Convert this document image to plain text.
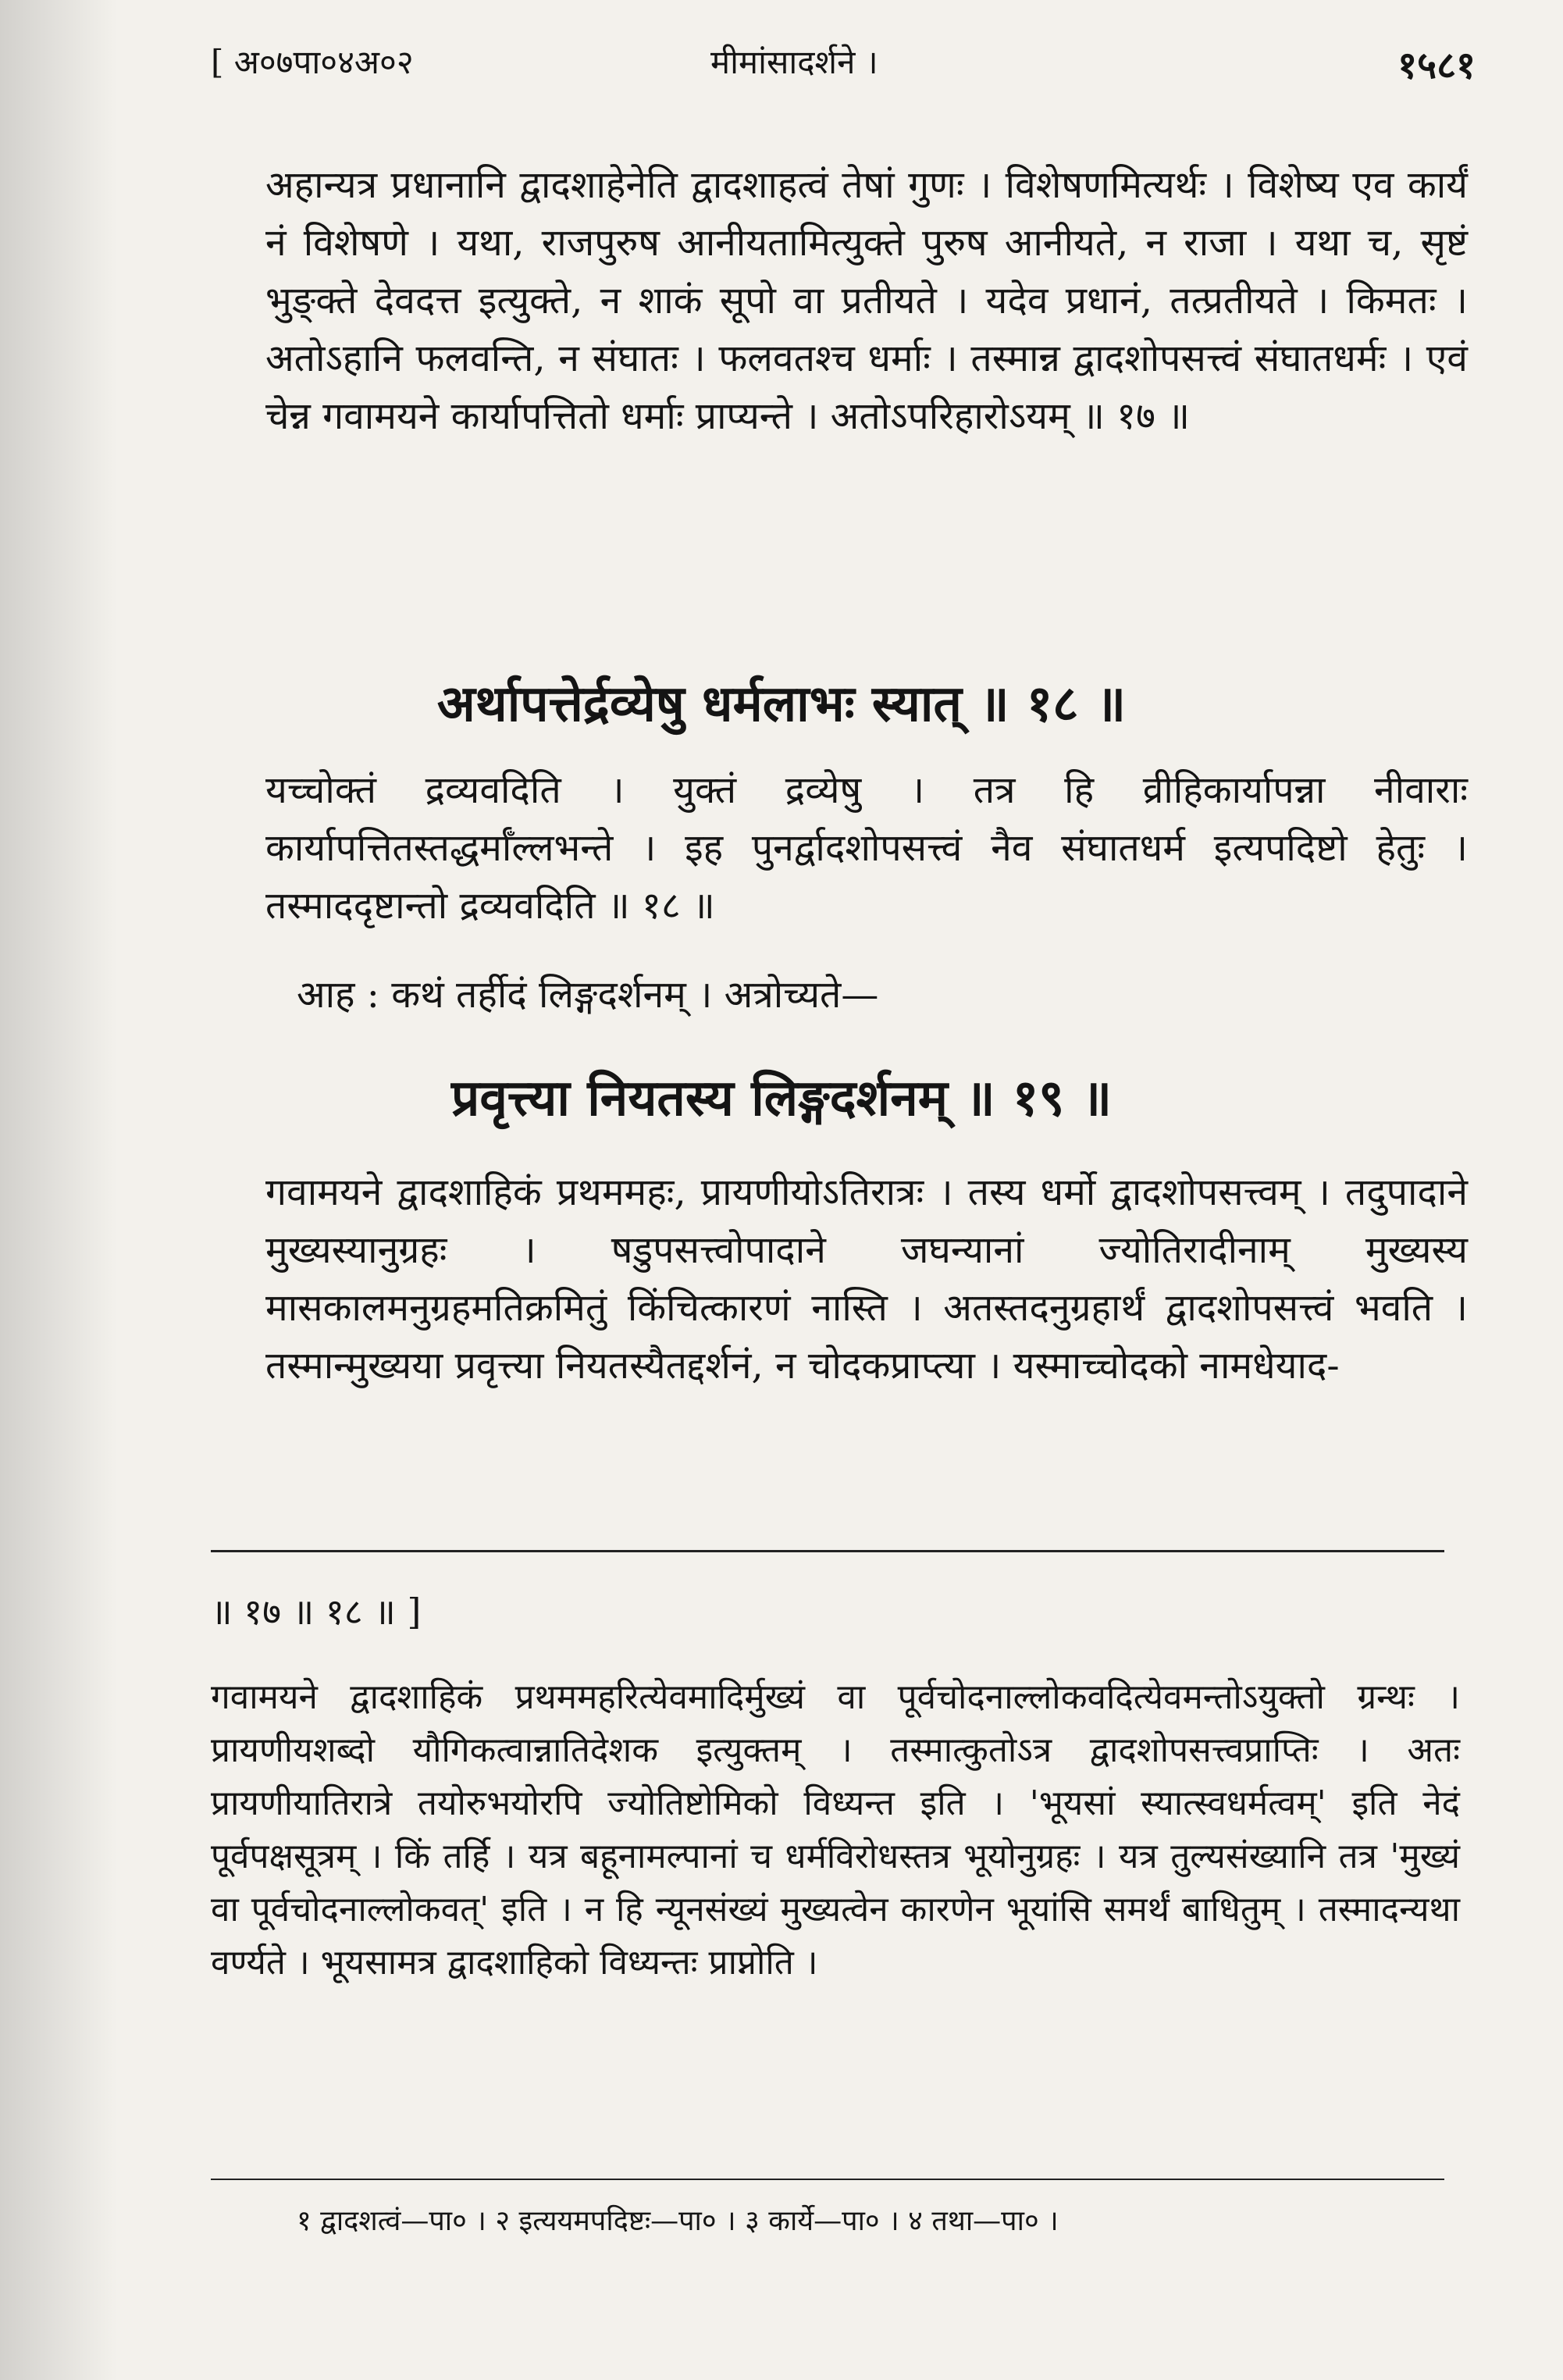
[ अ०७पा०४अ०२	मीमांसादर्शने ।	१५८१
अहान्यत्र प्रधानानि द्वादशाहेनेति द्वादशाहत्वं तेषां गुणः । विशेषणमित्यर्थः । विशेष्य एव कार्यं नं विशेषणे । यथा, राजपुरुष आनीयतामित्युक्ते पुरुष आनीयते, न राजा । यथा च, सृष्टं भुङ्क्ते देवदत्त इत्युक्ते, न शाकं सूपो वा प्रतीयते । यदेव प्रधानं, तत्प्रतीयते । किमतः । अतोऽहानि फलवन्ति, न संघातः । फलवतश्च धर्माः । तस्मान्न द्वादशोपसत्त्वं संघातधर्मः । एवं चेन्न गवामयने कार्यापत्तितो धर्माः प्राप्यन्ते । अतोऽपरिहारोऽयम् ॥ १७ ॥
अर्थापत्तेर्द्रव्येषु धर्मलाभः स्यात् ॥ १८ ॥
यच्चोक्तं द्रव्यवदिति । युक्तं द्रव्येषु । तत्र हि व्रीहिकार्यापन्ना नीवाराः कार्यापत्तितस्तद्धर्माँल्लभन्ते । इह पुनर्द्वादशोपसत्त्वं नैव संघातधर्म इत्यपदिष्टो हेतुः । तस्माददृष्टान्तो द्रव्यवदिति ॥ १८ ॥
आह : कथं तर्हीदं लिङ्गदर्शनम् । अत्रोच्यते—
प्रवृत्त्या नियतस्य लिङ्गदर्शनम् ॥ १९ ॥
गवामयने द्वादशाहिकं प्रथममहः, प्रायणीयोऽतिरात्रः । तस्य धर्मो द्वादशोपसत्त्वम् । तदुपादाने मुख्यस्यानुग्रहः । षडुपसत्त्वोपादाने जघन्यानां ज्योतिरादीनाम् मुख्यस्य मासकालमनुग्रहमतिक्रमितुं किंचित्कारणं नास्ति । अतस्तदनुग्रहार्थं द्वादशोपसत्त्वं भवति । तस्मान्मुख्यया प्रवृत्त्या नियतस्यैतद्दर्शनं, न चोदकप्राप्त्या । यस्माच्चोदको नामधेयाद-
॥ १७ ॥ १८ ॥ ]
गवामयने द्वादशाहिकं प्रथममहरित्येवमादिर्मुख्यं वा पूर्वचोदनाल्लोकवदित्येवमन्तोऽयुक्तो ग्रन्थः । प्रायणीयशब्दो यौगिकत्वान्नातिदेशक इत्युक्तम् । तस्मात्कुतोऽत्र द्वादशोपसत्त्वप्राप्तिः । अतः प्रायणीयातिरात्रे तयोरुभयोरपि ज्योतिष्टोमिको विध्यन्त इति । 'भूयसां स्यात्स्वधर्मत्वम्' इति नेदं पूर्वपक्षसूत्रम् । किं तर्हि । यत्र बहूनामल्पानां च धर्मविरोधस्तत्र भूयोनुग्रहः । यत्र तुल्यसंख्यानि तत्र 'मुख्यं वा पूर्वचोदनाल्लोकवत्' इति । न हि न्यूनसंख्यं मुख्यत्वेन कारणेन भूयांसि समर्थं बाधितुम् । तस्मादन्यथा वर्ण्यते । भूयसामत्र द्वादशाहिको विध्यन्तः प्राप्नोति ।
१ द्वादशत्वं—पा० । २ इत्ययमपदिष्टः—पा० । ३ कार्ये—पा० । ४ तथा—पा० ।
